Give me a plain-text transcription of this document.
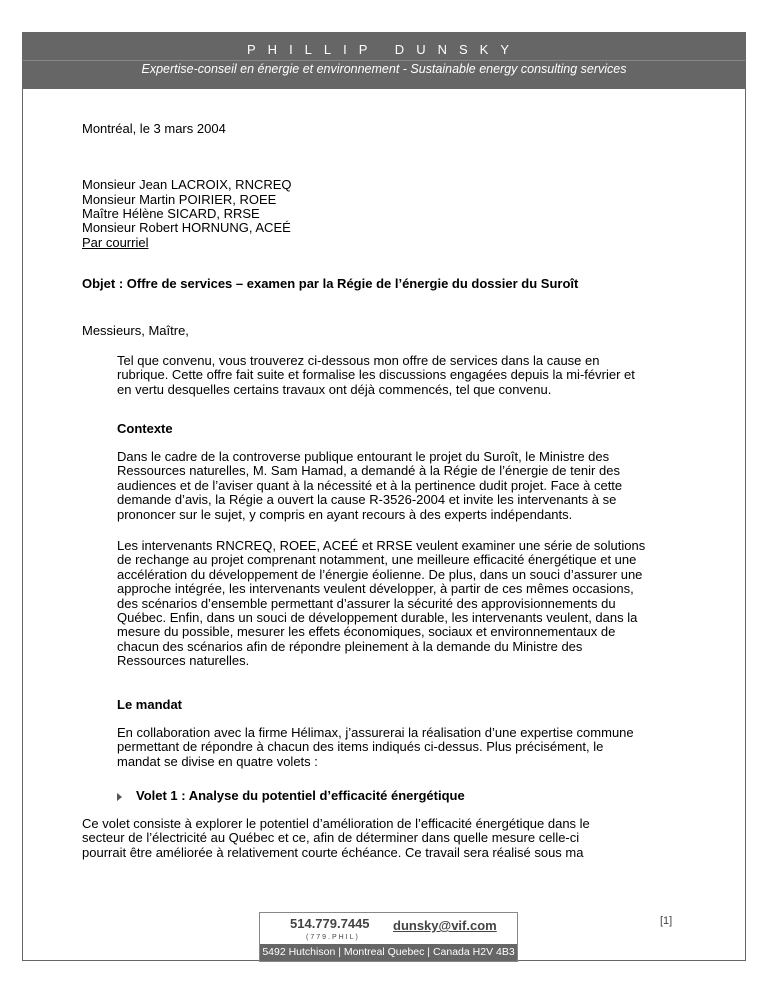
PHILLIP DUNSKY
Expertise-conseil en énergie et environnement - Sustainable energy consulting services
Montréal, le 3 mars 2004
Monsieur Jean LACROIX, RNCREQ
Monsieur Martin POIRIER, ROEE
Maître Hélène SICARD, RRSE
Monsieur Robert HORNUNG, ACEÉ
Par courriel
Objet : Offre de services – examen par la Régie de l’énergie du dossier du Suroît
Messieurs, Maître,
Contexte
Le mandat
Volet 1 : Analyse du potentiel d’efficacité énergétique
Tel que convenu, vous trouverez ci-dessous mon offre de services dans la cause en
rubrique. Cette offre fait suite et formalise les discussions engagées depuis la mi-février et
en vertu desquelles certains travaux ont déjà commencés, tel que convenu.
Dans le cadre de la controverse publique entourant le projet du Suroît, le Ministre des
Ressources naturelles, M. Sam Hamad, a demandé à la Régie de l’énergie de tenir des
audiences et de l’aviser quant à la nécessité et à la pertinence dudit projet. Face à cette
demande d’avis, la Régie a ouvert la cause R-3526-2004 et invite les intervenants à se
prononcer sur le sujet, y compris en ayant recours à des experts indépendants.
Les intervenants RNCREQ, ROEE, ACEÉ et RRSE veulent examiner une série de solutions
de rechange au projet comprenant notamment, une meilleure efficacité énergétique et une
accélération du développement de l’énergie éolienne. De plus, dans un souci d’assurer une
approche intégrée, les intervenants veulent développer, à partir de ces mêmes occasions,
des scénarios d’ensemble permettant d’assurer la sécurité des approvisionnements du
Québec. Enfin, dans un souci de développement durable, les intervenants veulent, dans la
mesure du possible, mesurer les effets économiques, sociaux et environnementaux de
chacun des scénarios afin de répondre pleinement à la demande du Ministre des
Ressources naturelles.
En collaboration avec la firme Hélimax, j’assurerai la réalisation d’une expertise commune
permettant de répondre à chacun des items indiqués ci-dessus. Plus précisément, le
mandat se divise en quatre volets :
Ce volet consiste à explorer le potentiel d’amélioration de l’efficacité énergétique dans le
secteur de l’électricité au Québec et ce, afin de déterminer dans quelle mesure celle-ci
pourrait être améliorée à relativement courte échéance. Ce travail sera réalisé sous ma
514.779.7445
(779.PHIL)
dunsky@vif.com
5492 Hutchison | Montreal Quebec | Canada H2V 4B3
[1]
